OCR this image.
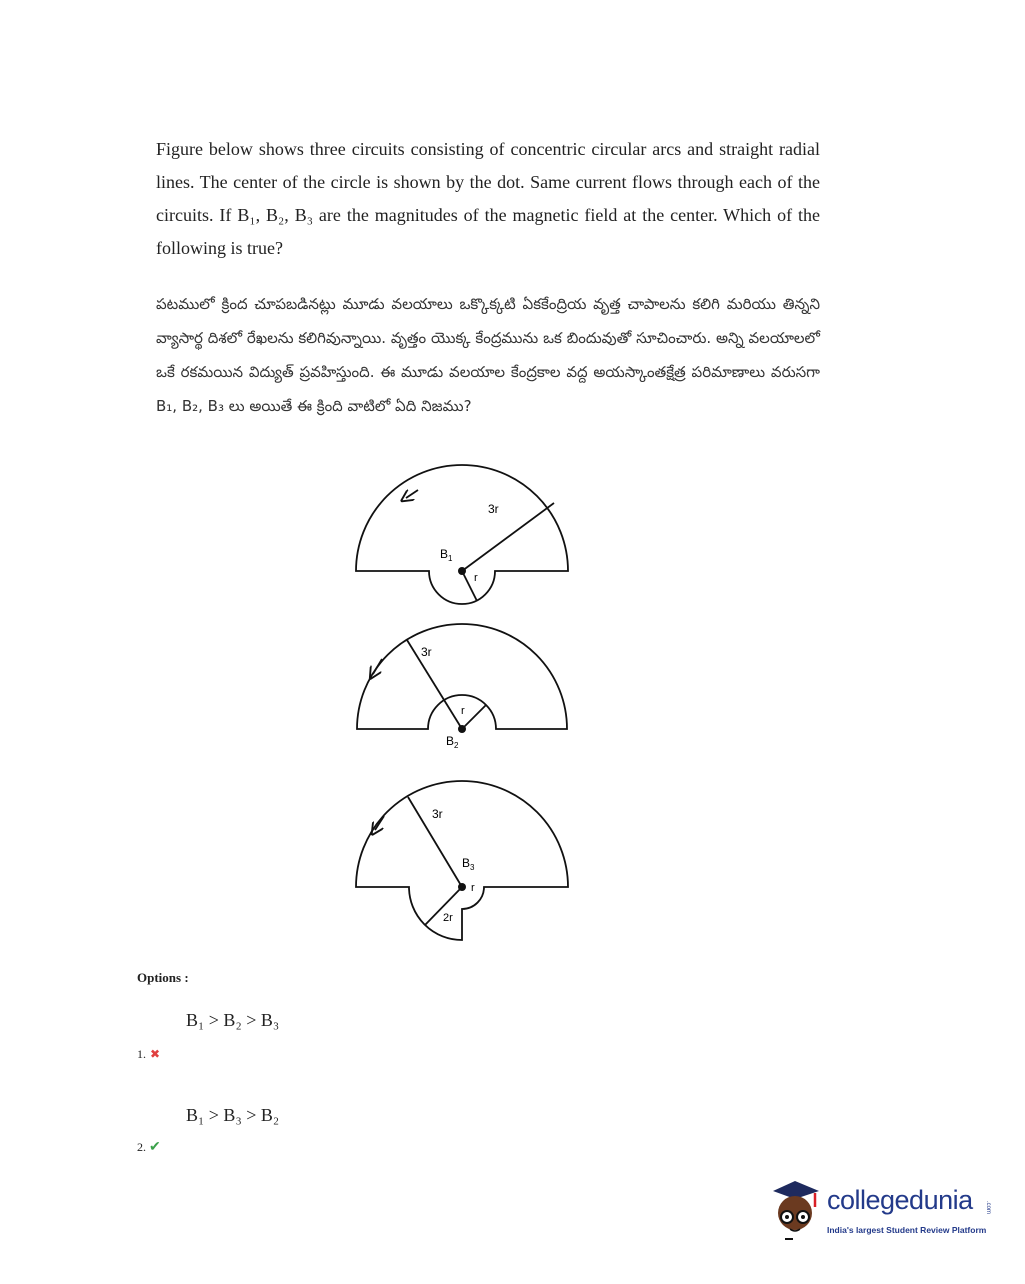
Figure below shows three circuits consisting of concentric circular arcs and straight radial lines. The center of the circle is shown by the dot. Same current flows through each of the circuits. If B₁, B₂, B₃ are the magnitudes of the magnetic field at the center. Which of the following is true?
పటములో క్రింద చూపబడినట్లు మూడు వలయాలు ఒక్కొక్కటి ఏకకేంద్రియ వృత్త చాపాలను కలిగి మరియు తిన్నని వ్యాసార్థ దిశలో రేఖలను కలిగివున్నాయి. వృత్తం యొక్క కేంద్రమును ఒక బిందువుతో సూచించారు. అన్ని వలయాలలో ఒకే రకమయిన విద్యుత్ ప్రవహిస్తుంది. ఈ మూడు వలయాల కేంద్రకాల వద్ద అయస్కాంతక్షేత్ర పరిమాణాలు వరుసగా B₁, B₂, B₃ లు అయితే ఈ క్రింది వాటిలో ఏది నిజము?
3r
r
$B_1$
3r
r
$B_2$
3r
r
2r
$B_3$
Options :
B₁ > B₂ > B₃
1. ✖
B₁ > B₃ > B₂
2. ✔
collegedunia .com
India's largest Student Review Platform
